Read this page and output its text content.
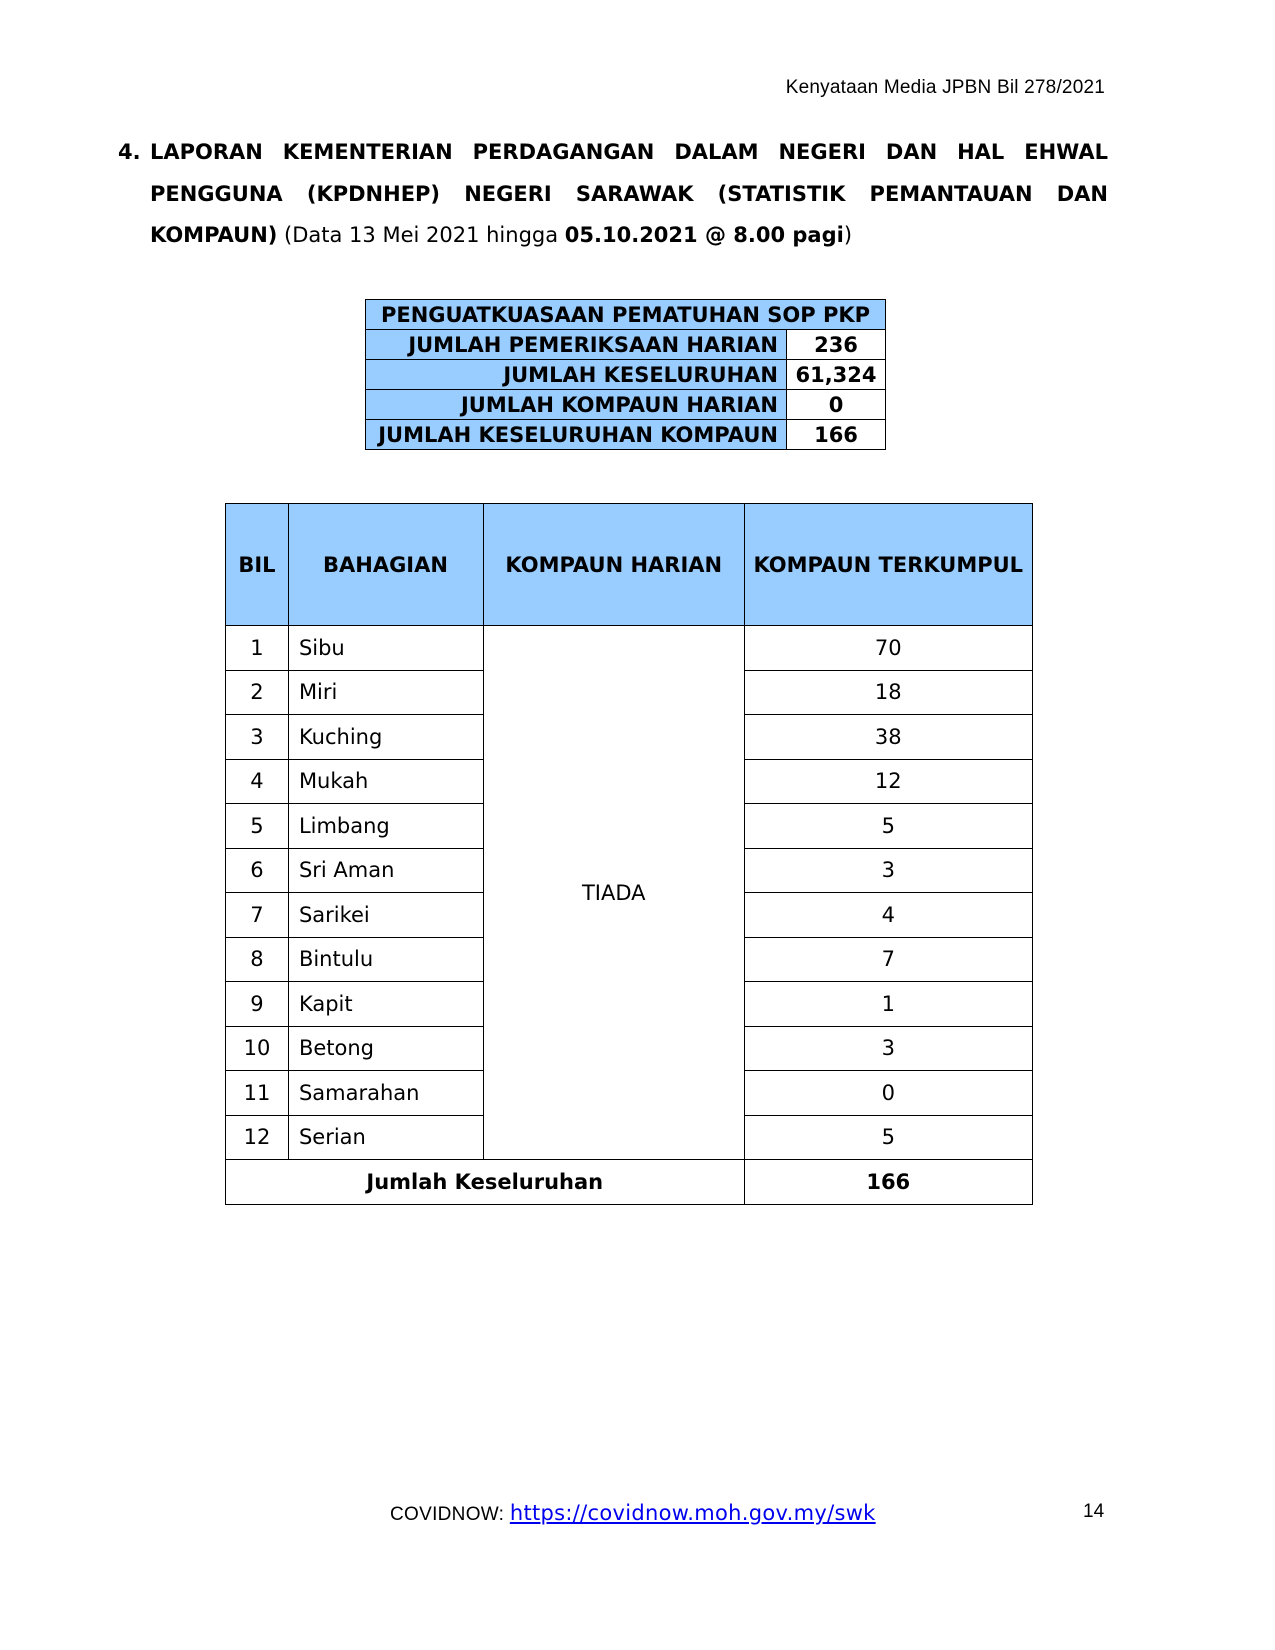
Kenyataan Media JPBN Bil 278/2021
4. LAPORAN KEMENTERIAN PERDAGANGAN DALAM NEGERI DAN HAL EHWAL
PENGGUNA (KPDNHEP) NEGERI SARAWAK (STATISTIK PEMANTAUAN DAN
KOMPAUN) (Data 13 Mei 2021 hingga 05.10.2021 @ 8.00 pagi)
PENGUATKUASAAN PEMATUHAN SOP PKP	
JUMLAH PEMERIKSAAN HARIAN	236
JUMLAH KESELURUHAN	61,324
JUMLAH KOMPAUN HARIAN	0
JUMLAH KESELURUHAN KOMPAUN	166
BIL	BAHAGIAN	KOMPAUN HARIAN	KOMPAUN TERKUMPUL
1	Sibu	TIADA	70
2	Miri		18
3	Kuching		38
4	Mukah		12
5	Limbang		5
6	Sri Aman		3
7	Sarikei		4
8	Bintulu		7
9	Kapit		1
10	Betong		3
11	Samarahan		0
12	Serian		5
Jumlah Keseluruhan			166
COVIDNOW: https://covidnow.moh.gov.my/swk	14
